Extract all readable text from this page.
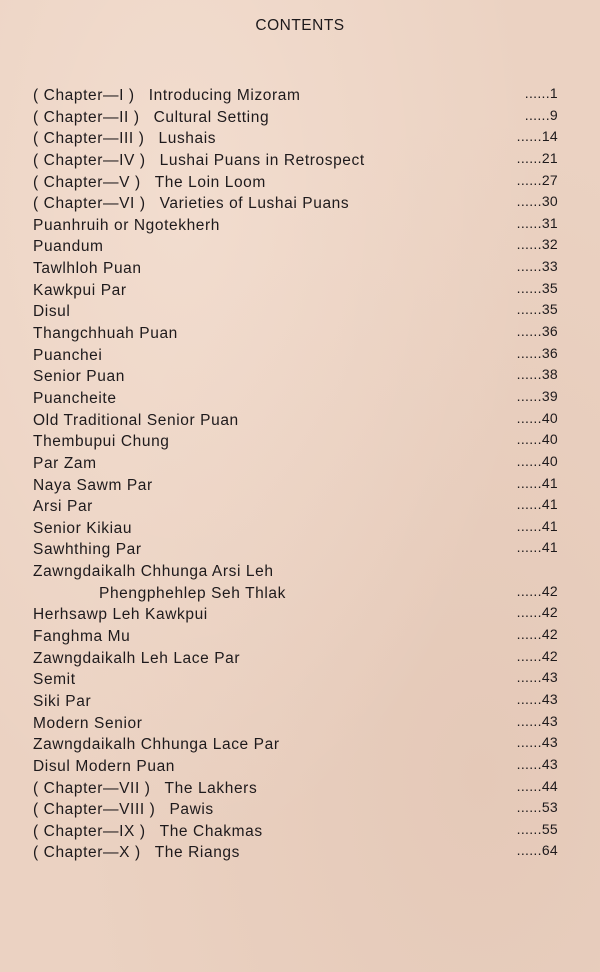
CONTENTS
( Chapter—I ) Introducing Mizoram	......1
( Chapter—II ) Cultural Setting	......9
( Chapter—III ) Lushais	......14
( Chapter—IV ) Lushai Puans in Retrospect	......21
( Chapter—V ) The Loin Loom	......27
( Chapter—VI ) Varieties of Lushai Puans	......30
Puanhruih or Ngotekherh	......31
Puandum	......32
Tawlhloh Puan	......33
Kawkpui Par	......35
Disul	......35
Thangchhuah Puan	......36
Puanchei	......36
Senior Puan	......38
Puancheite	......39
Old Traditional Senior Puan	......40
Thembupui Chung	......40
Par Zam	......40
Naya Sawm Par	......41
Arsi Par	......41
Senior Kikiau	......41
Sawhthing Par	......41
Zawngdaikalh Chhunga Arsi Leh
Phengphehlep Seh Thlak	......42
Herhsawp Leh Kawkpui	......42
Fanghma Mu	......42
Zawngdaikalh Leh Lace Par	......42
Semit	......43
Siki Par	......43
Modern Senior	......43
Zawngdaikalh Chhunga Lace Par	......43
Disul Modern Puan	......43
( Chapter—VII ) The Lakhers	......44
( Chapter—VIII ) Pawis	......53
( Chapter—IX ) The Chakmas	......55
( Chapter—X ) The Riangs	......64
